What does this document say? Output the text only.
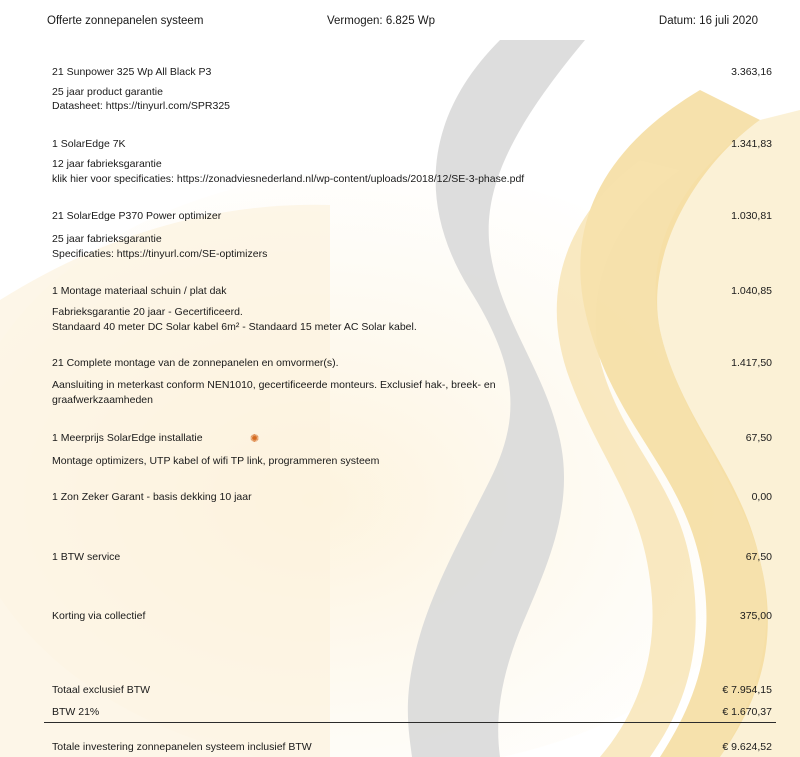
Offerte zonnepanelen systeem	Vermogen: 6.825 Wp	Datum: 16 juli 2020
21 Sunpower 325 Wp All Black P3	3.363,16
25 jaar product garantie
Datasheet: https://tinyurl.com/SPR325
1 SolarEdge 7K	1.341,83
12 jaar fabrieksgarantie
klik hier voor specificaties: https://zonadviesnederland.nl/wp-content/uploads/2018/12/SE-3-phase.pdf
21 SolarEdge P370 Power optimizer	1.030,81
25 jaar fabrieksgarantie
Specificaties: https://tinyurl.com/SE-optimizers
1 Montage materiaal schuin / plat dak	1.040,85
Fabrieksgarantie 20 jaar - Gecertificeerd.
Standaard 40 meter DC Solar kabel 6m² - Standaard 15 meter AC Solar kabel.
21 Complete montage van de zonnepanelen en omvormer(s).	1.417,50
Aansluiting in meterkast conform NEN1010, gecertificeerde monteurs. Exclusief hak-, breek- en
graafwerkzaamheden
1 Meerprijs SolarEdge installatie	✺	67,50
Montage optimizers, UTP kabel of wifi TP link, programmeren systeem
1 Zon Zeker Garant - basis dekking 10 jaar	0,00
1 BTW service	67,50
Korting via collectief	375,00
Totaal exclusief BTW	€ 7.954,15
BTW 21%	€ 1.670,37
Totale investering zonnepanelen systeem inclusief BTW	€ 9.624,52
